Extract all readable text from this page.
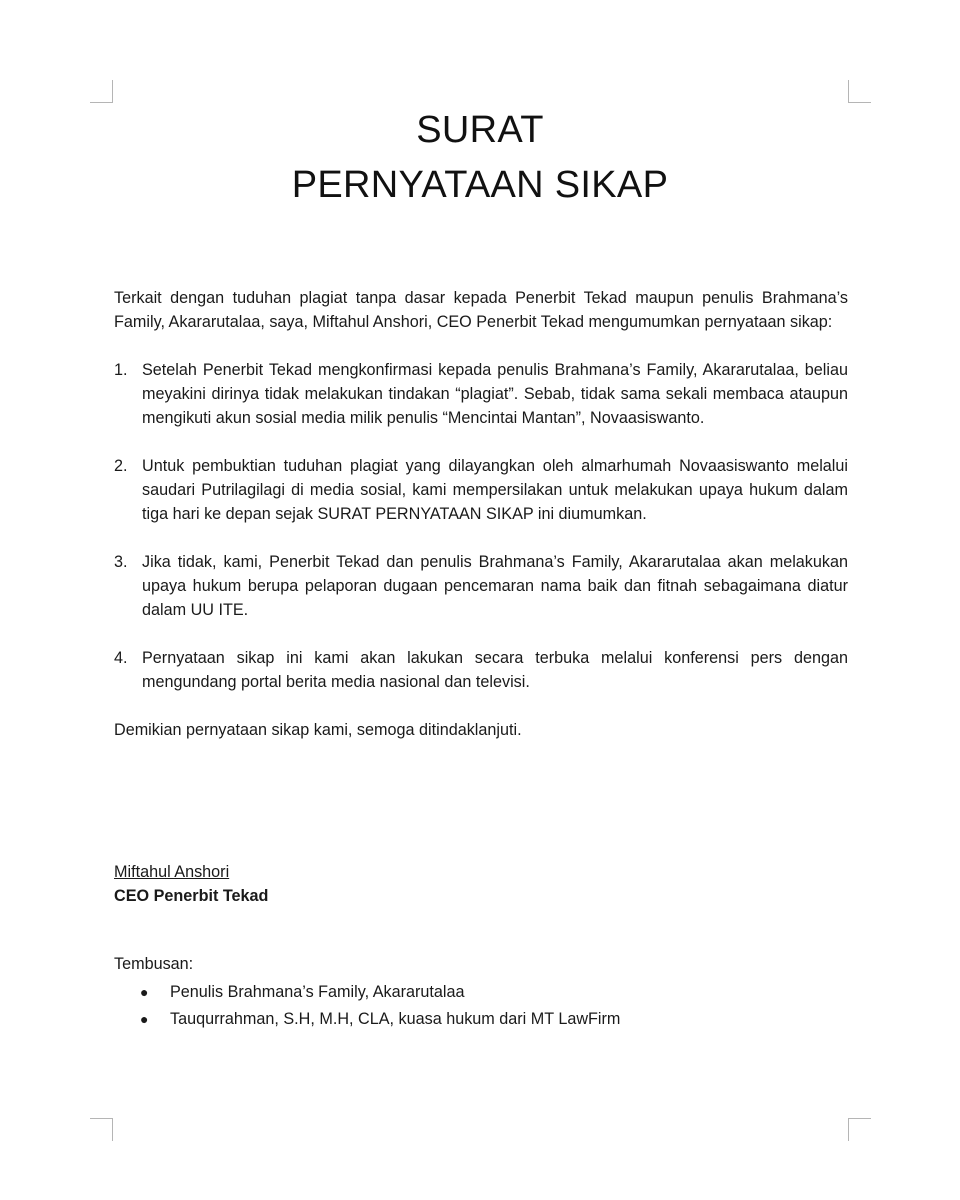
SURAT
PERNYATAAN SIKAP

Terkait dengan tuduhan plagiat tanpa dasar kepada Penerbit Tekad maupun penulis Brahmana’s Family, Akararutalaa, saya, Miftahul Anshori, CEO Penerbit Tekad mengumumkan pernyataan sikap:

1. Setelah Penerbit Tekad mengkonfirmasi kepada penulis Brahmana’s Family, Akararutalaa, beliau meyakini dirinya tidak melakukan tindakan “plagiat”. Sebab, tidak sama sekali membaca ataupun mengikuti akun sosial media milik penulis “Mencintai Mantan”, Novaasiswanto.
2. Untuk pembuktian tuduhan plagiat yang dilayangkan oleh almarhumah Novaasiswanto melalui saudari Putrilagilagi di media sosial, kami mempersilakan untuk melakukan upaya hukum dalam tiga hari ke depan sejak SURAT PERNYATAAN SIKAP ini diumumkan.
3. Jika tidak, kami, Penerbit Tekad dan penulis Brahmana’s Family, Akararutalaa akan melakukan upaya hukum berupa pelaporan dugaan pencemaran nama baik dan fitnah sebagaimana diatur dalam UU ITE.
4. Pernyataan sikap ini kami akan lakukan secara terbuka melalui konferensi pers dengan mengundang portal berita media nasional dan televisi.

Demikian pernyataan sikap kami, semoga ditindaklanjuti.

Miftahul Anshori
CEO Penerbit Tekad
Tembusan:
●	Penulis Brahmana’s Family, Akararutalaa
●	Tauqurrahman, S.H, M.H, CLA, kuasa hukum dari MT LawFirm
